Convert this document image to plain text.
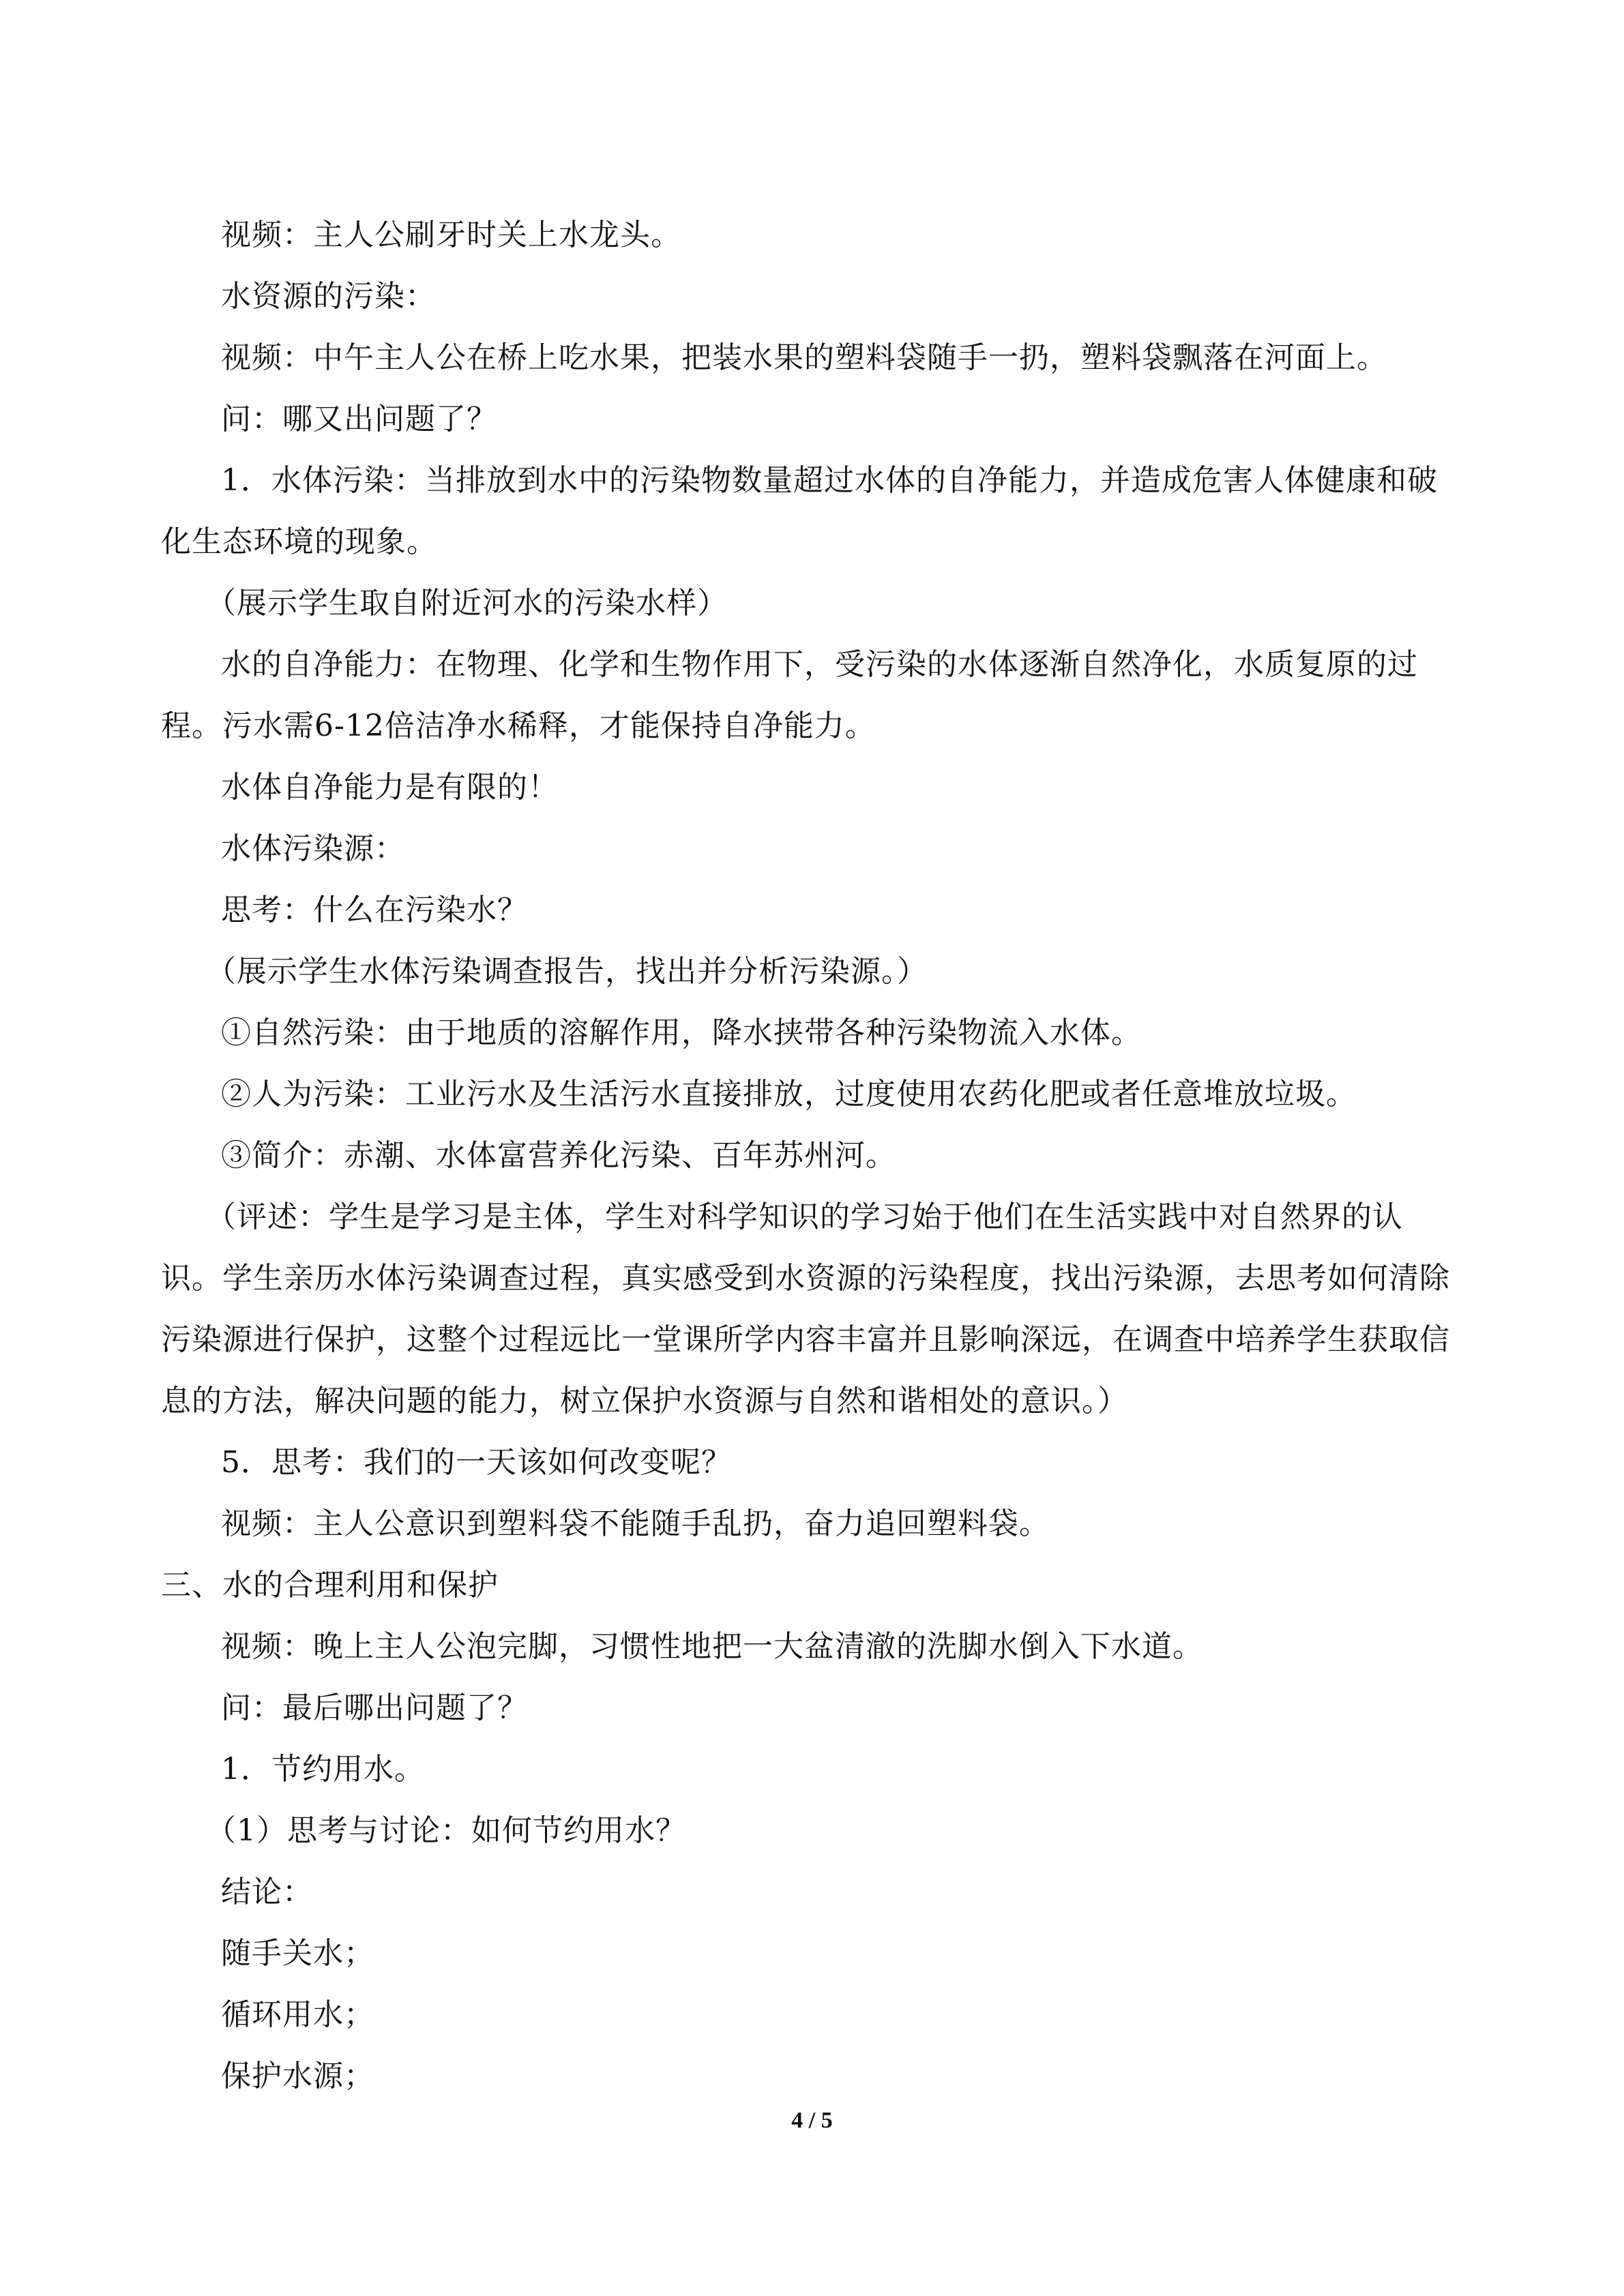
视频：主人公刷牙时关上水龙头。

水资源的污染：

视频：中午主人公在桥上吃水果，把装水果的塑料袋随手一扔，塑料袋飘落在河面上。

问：哪又出问题了？

1．水体污染：当排放到水中的污染物数量超过水体的自净能力，并造成危害人体健康和破化生态环境的现象。

（展示学生取自附近河水的污染水样）

水的自净能力：在物理、化学和生物作用下，受污染的水体逐渐自然净化，水质复原的过程。污水需6-12倍洁净水稀释，才能保持自净能力。

水体自净能力是有限的！

水体污染源：

思考：什么在污染水？

（展示学生水体污染调查报告，找出并分析污染源。）

①自然污染：由于地质的溶解作用，降水挟带各种污染物流入水体。

②人为污染：工业污水及生活污水直接排放，过度使用农药化肥或者任意堆放垃圾。

③简介：赤潮、水体富营养化污染、百年苏州河。

（评述：学生是学习是主体，学生对科学知识的学习始于他们在生活实践中对自然界的认识。学生亲历水体污染调查过程，真实感受到水资源的污染程度，找出污染源，去思考如何清除污染源进行保护，这整个过程远比一堂课所学内容丰富并且影响深远，在调查中培养学生获取信息的方法，解决问题的能力，树立保护水资源与自然和谐相处的意识。）

5．思考：我们的一天该如何改变呢？

视频：主人公意识到塑料袋不能随手乱扔，奋力追回塑料袋。

三、水的合理利用和保护

视频：晚上主人公泡完脚，习惯性地把一大盆清澈的洗脚水倒入下水道。

问：最后哪出问题了？

1．节约用水。

（1）思考与讨论：如何节约用水？

结论：

随手关水；

循环用水；

保护水源；

4 / 5
